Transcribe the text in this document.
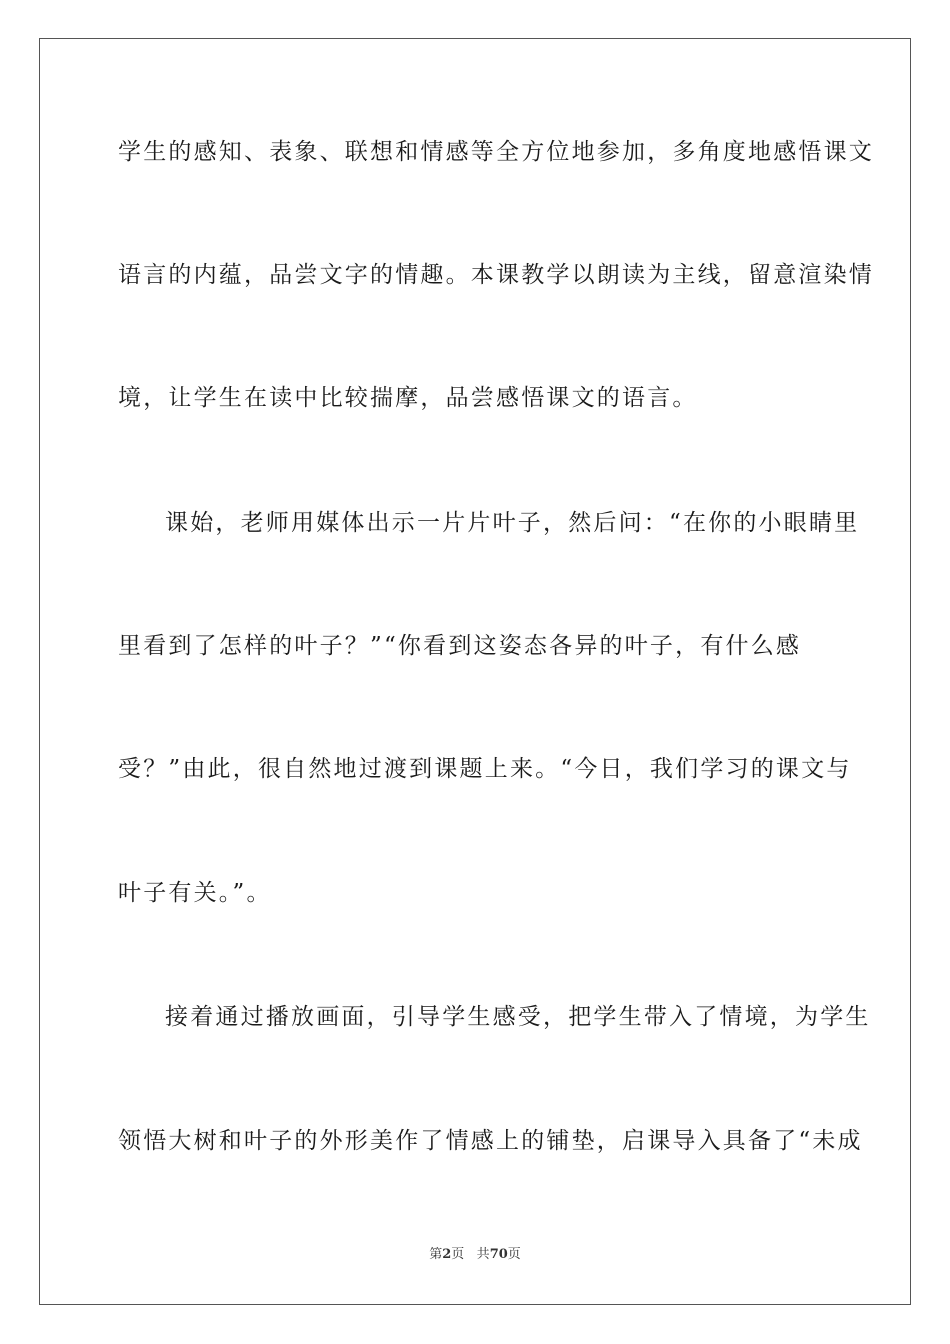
学生的感知、表象、联想和情感等全方位地参加，多角度地感悟课文
语言的内蕴，品尝文字的情趣。本课教学以朗读为主线，留意渲染情
境，让学生在读中比较揣摩，品尝感悟课文的语言。
课始，老师用媒体出示一片片叶子，然后问：“在你的小眼睛里
里看到了怎样的叶子？”“你看到这姿态各异的叶子，有什么感
受？”由此，很自然地过渡到课题上来。“今日，我们学习的课文与
叶子有关。”。
接着通过播放画面，引导学生感受，把学生带入了情境，为学生
领悟大树和叶子的外形美作了情感上的铺垫，启课导入具备了“未成
第2页 共70页
